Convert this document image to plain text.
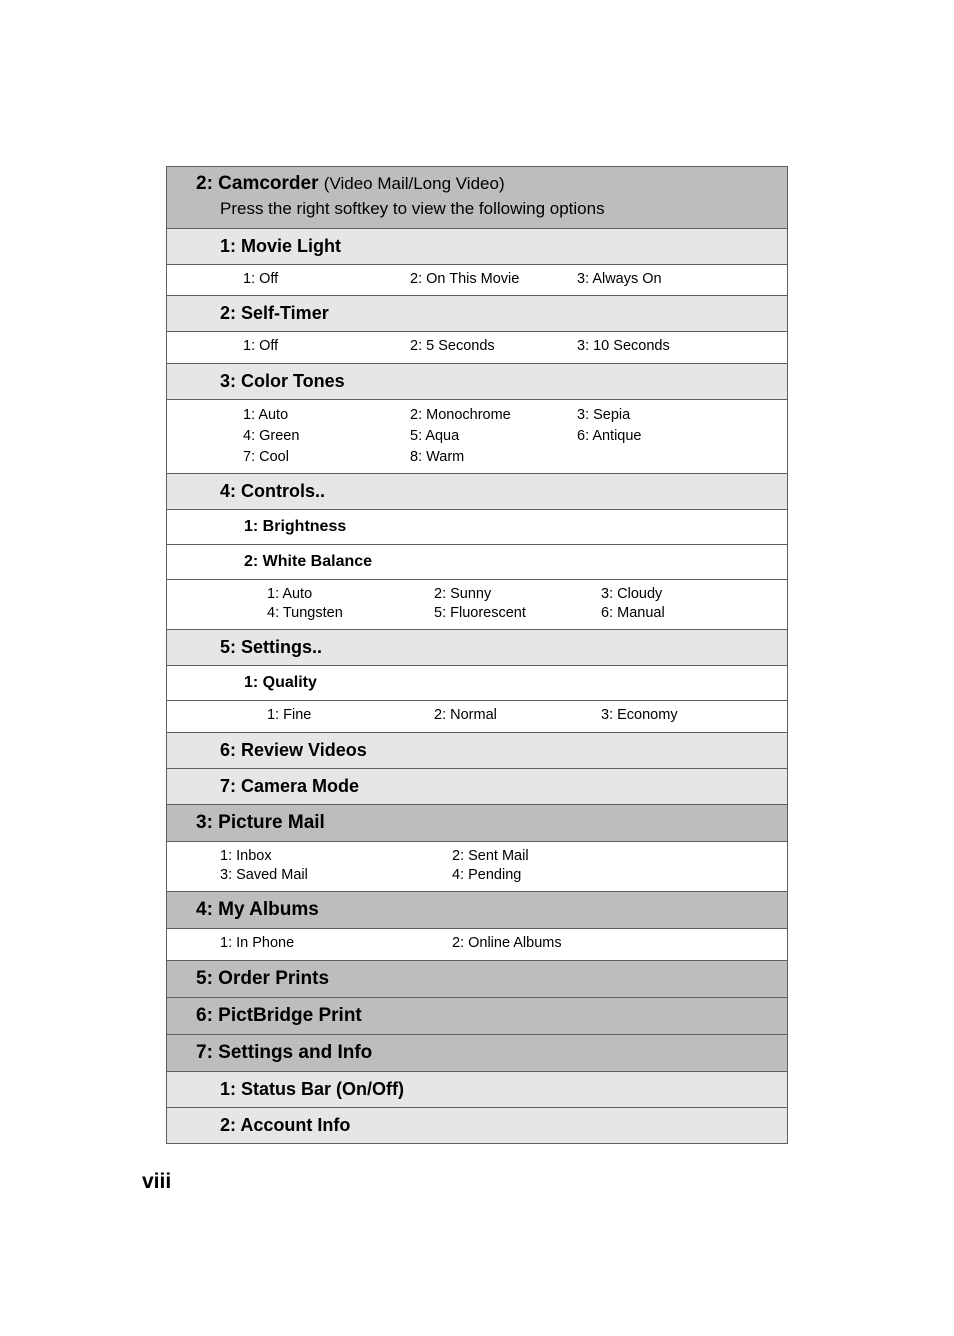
2: Camcorder (Video Mail/Long Video)
Press the right softkey to view the following options
1: Movie Light
1: Off	2: On This Movie	3: Always On
2: Self-Timer
1: Off	2: 5 Seconds	3: 10 Seconds
3: Color Tones
1: Auto	2: Monochrome	3: Sepia
4: Green	5: Aqua	6: Antique
7: Cool	8: Warm
4: Controls..
1: Brightness
2: White Balance
1: Auto	2: Sunny	3: Cloudy
4: Tungsten	5: Fluorescent	6: Manual
5: Settings..
1: Quality
1: Fine	2: Normal	3: Economy
6: Review Videos
7: Camera Mode
3: Picture Mail
1: Inbox	2: Sent Mail
3: Saved Mail	4: Pending
4: My Albums
1: In Phone	2: Online Albums
5: Order Prints
6: PictBridge Print
7: Settings and Info
1: Status Bar (On/Off)
2: Account Info
viii
